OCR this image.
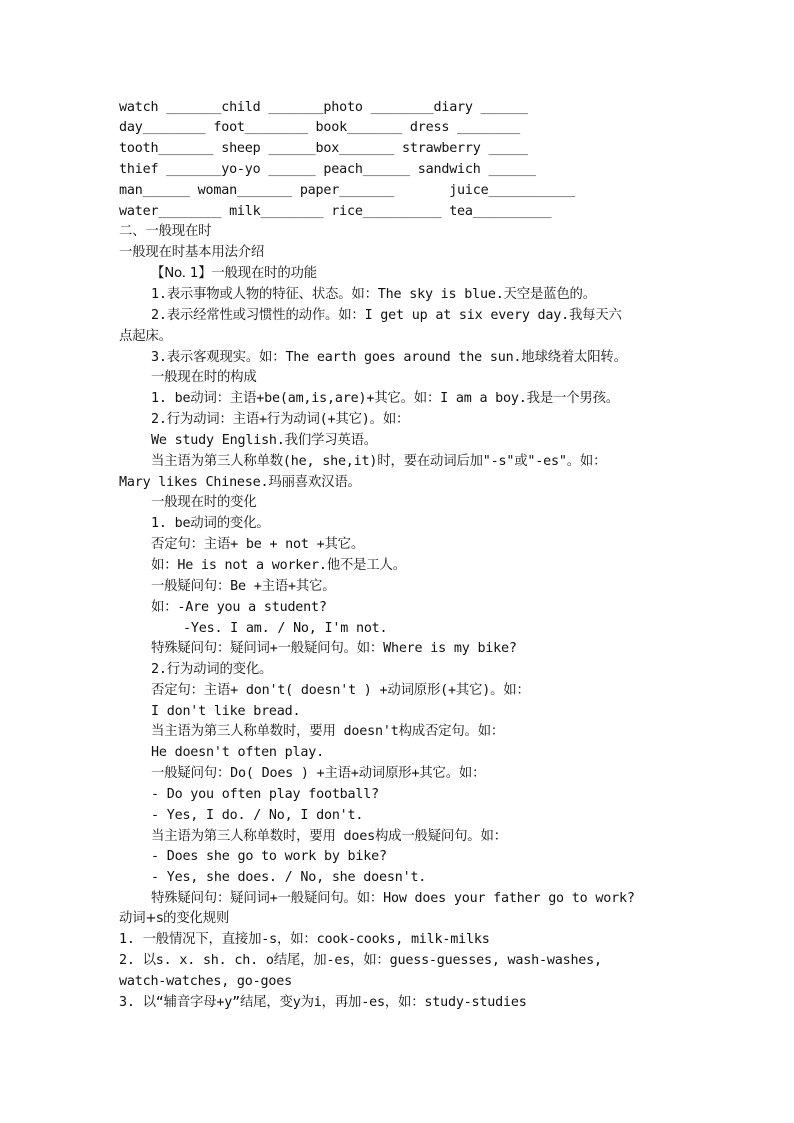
watch _______child _______photo ________diary ______
day________ foot________ book_______ dress ________
tooth_______ sheep ______box_______ strawberry _____
thief _______yo-yo ______ peach______ sandwich ______
man______ woman_______ paper_______       juice___________
water________ milk________ rice__________ tea__________
二、一般现在时
一般现在时基本用法介绍
【No. 1】一般现在时的功能
1.表示事物或人物的特征、状态。如：The sky is blue.天空是蓝色的。
2.表示经常性或习惯性的动作。如：I get up at six every day.我每天六
点起床。
3.表示客观现实。如：The earth goes around the sun.地球绕着太阳转。
一般现在时的构成
1. be动词：主语+be(am,is,are)+其它。如：I am a boy.我是一个男孩。
2.行为动词：主语+行为动词(+其它)。如：
We study English.我们学习英语。
当主语为第三人称单数(he, she,it)时，要在动词后加"-s"或"-es"。如：
Mary likes Chinese.玛丽喜欢汉语。
一般现在时的变化
1. be动词的变化。
否定句：主语+ be + not +其它。
如：He is not a worker.他不是工人。
一般疑问句：Be +主语+其它。
如：-Are you a student?
-Yes. I am. / No, I'm not.
特殊疑问句：疑问词+一般疑问句。如：Where is my bike?
2.行为动词的变化。
否定句：主语+ don't( doesn't ) +动词原形(+其它)。如：
I don't like bread.
当主语为第三人称单数时，要用 doesn't构成否定句。如：
He doesn't often play.
一般疑问句：Do( Does ) +主语+动词原形+其它。如：
- Do you often play football?
- Yes, I do. / No, I don't.
当主语为第三人称单数时，要用 does构成一般疑问句。如：
- Does she go to work by bike?
- Yes, she does. / No, she doesn't.
特殊疑问句：疑问词+一般疑问句。如：How does your father go to work?
动词+s的变化规则
1. 一般情况下，直接加-s，如：cook-cooks, milk-milks
2. 以s. x. sh. ch. o结尾，加-es，如：guess-guesses, wash-washes,
watch-watches, go-goes
3. 以“辅音字母+y”结尾，变y为i，再加-es，如：study-studies
